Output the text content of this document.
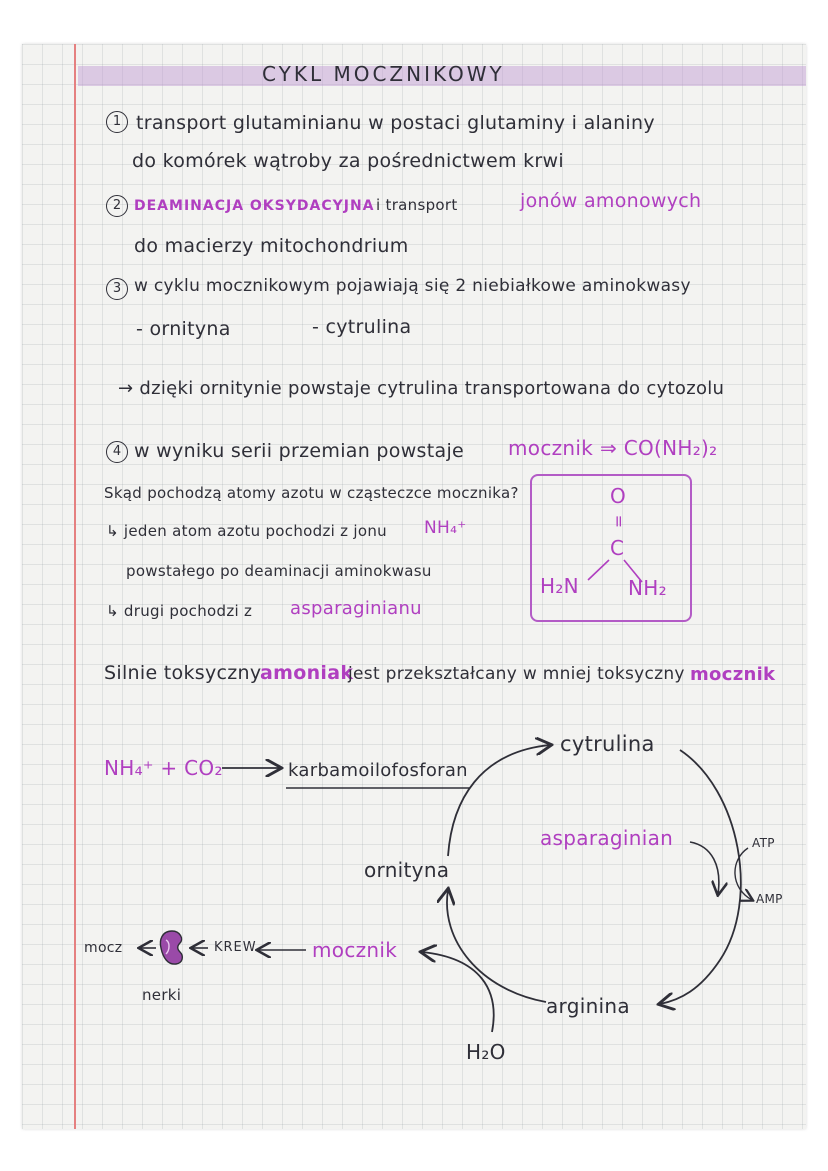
CYKL MOCZNIKOWY
1 transport glutaminianu w postaci glutaminy i alaniny
do komórek wątroby za pośrednictwem krwi
2 DEAMINACJA OKSYDACYJNA i transport	jonów amonowych
do macierzy mitochondrium
3 w cyklu mocznikowym pojawiają się 2 niebiałkowe aminokwasy
- ornityna	- cytrulina
→ dzięki ornitynie powstaje cytrulina transportowana do cytozolu
4 w wyniku serii przemian powstaje mocznik ⇒ CO(NH₂)₂
Skąd pochodzą atomy azotu w cząsteczce mocznika?
↳ jeden atom azotu pochodzi z jonu NH₄⁺
powstałego po deaminacji aminokwasu
↳ drugi pochodzi z asparaginianu
O
=
C
H₂N NH₂
Silnie toksyczny
amoniak
jest przekształcany w mniej toksyczny mocznik
NH₄⁺ + CO₂	karbamoilofosforan
cytrulina
asparaginian	ATP
AMP
ornityna
arginina
H₂O
mocznik
KREW
mocz
nerki
